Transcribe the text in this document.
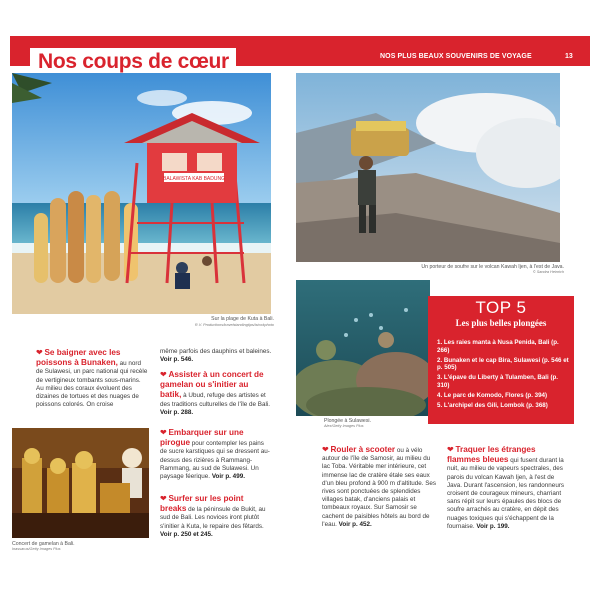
Nos coups de cœur	NOS PLUS BEAUX SOUVENIRS DE VOYAGE	13
BALAWISTA KAB BADUNG
Sur la plage de Kuta à Bali.
R.V. Productions/travelstandingtips/istockphoto
Un porteur de soufre sur le volcan Kawah Ijen, à l'est de Java.
© Sandra Heinrich
Plongée à Sulawesi.
Alex/Getty Images Plus
Concert de gamelan à Bali.
Inassarus/Getty Images Plus
❤ Se baigner avec les poissons à Bunaken, au nord de Sulawesi, un parc national qui recèle de vertigineux tombants sous-marins. Au milieu des coraux évoluent des dizaines de tortues et des nuages de poissons colorés. On croise
même parfois des dauphins et baleines. Voir p. 546.
❤ Assister à un concert de gamelan ou s'initier au batik, à Ubud, refuge des artistes et des traditions culturelles de l'île de Bali. Voir p. 288.
❤ Embarquer sur une pirogue pour contempler les pains de sucre karstiques qui se dressent au-dessus des rizières à Rammang-Rammang, au sud de Sulawesi. Un paysage féerique. Voir p. 499.
❤ Surfer sur les point breaks de la péninsule de Bukit, au sud de Bali. Les novices iront plutôt s'initier à Kuta, le repaire des fêtards. Voir p. 250 et 245.
❤ Rouler à scooter ou à vélo autour de l'île de Samosir, au milieu du lac Toba. Véritable mer intérieure, cet immense lac de cratère étale ses eaux d'un bleu profond à 900 m d'altitude. Ses rives sont ponctuées de splendides villages batak, d'anciens palais et tombeaux royaux. Sur Samosir se cachent de paisibles hôtels au bord de l'eau. Voir p. 452.
❤ Traquer les étranges flammes bleues qui fusent durant la nuit, au milieu de vapeurs spectrales, des parois du volcan Kawah Ijen, à l'est de Java. Durant l'ascension, les randonneurs croisent de courageux mineurs, charriant sans répit sur leurs épaules des blocs de soufre arrachés au cratère, en dépit des nuages toxiques qui s'échappent de la fournaise. Voir p. 199.
TOP 5
Les plus belles plongées
1. Les raies manta à Nusa Penida, Bali (p. 266)
2. Bunaken et le cap Bira, Sulawesi (p. 546 et p. 505)
3. L'épave du Liberty à Tulamben, Bali (p. 310)
4. Le parc de Komodo, Flores (p. 394)
5. L'archipel des Gili, Lombok (p. 368)
